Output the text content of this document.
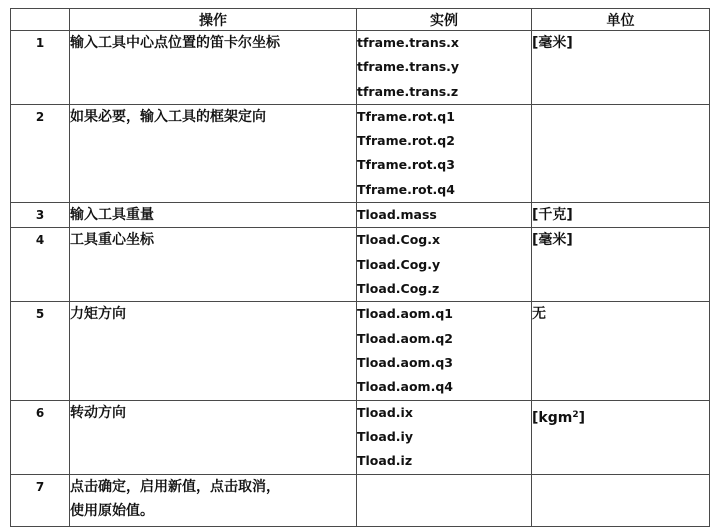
	操作	实例	单位
1	输入工具中心点位置的笛卡尔坐标	tframe.trans.x
tframe.trans.y
tframe.trans.z	[毫米]
2	如果必要，输入工具的框架定向	Tframe.rot.q1
Tframe.rot.q2
Tframe.rot.q3
Tframe.rot.q4	

3	输入工具重量	Tload.mass	[千克]
4	工具重心坐标	Tload.Cog.x
Tload.Cog.y
Tload.Cog.z	[毫米]
5	力矩方向	Tload.aom.q1
Tload.aom.q2
Tload.aom.q3
Tload.aom.q4	无
6	转动方向	Tload.ix
Tload.iy
Tload.iz	[kgm$^2$]
7	点击确定，启用新值，点击取消，
使用原始值。		
